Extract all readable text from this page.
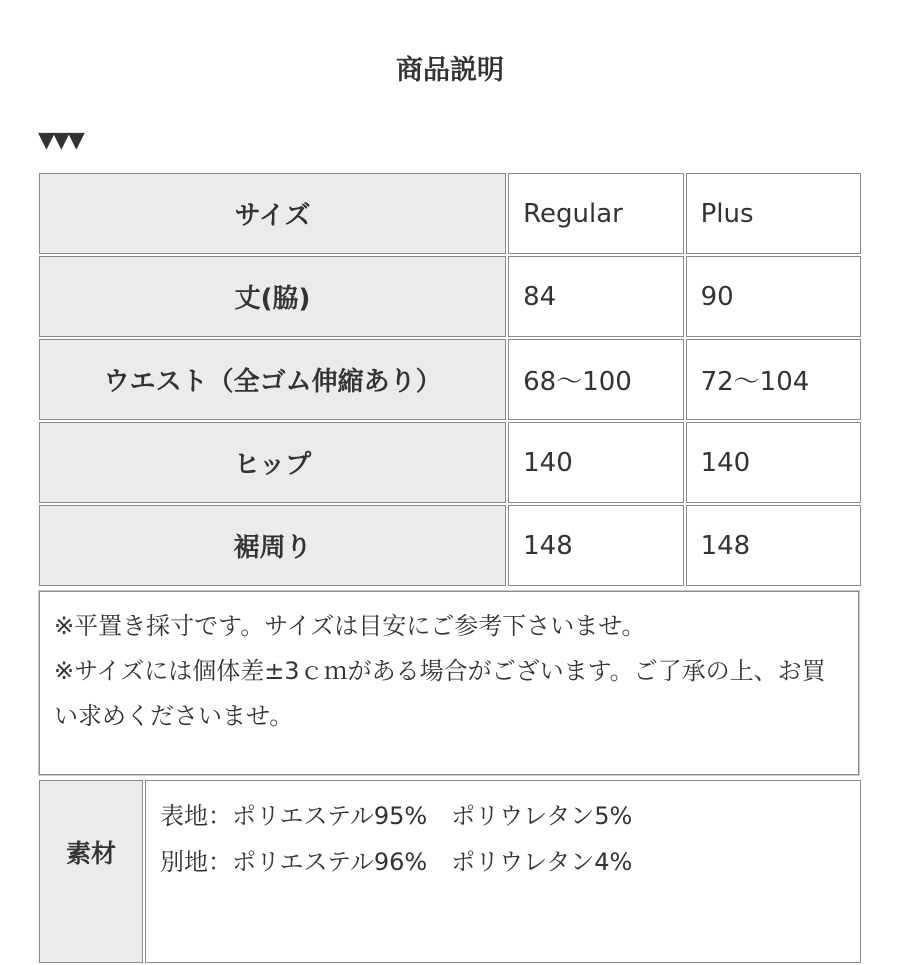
商品説明
▼▼▼
サイズ	Regular	Plus
丈(脇)	84	90
ウエスト（全ゴム伸縮あり）	68〜100	72〜104
ヒップ	140	140
裾周り	148	148
※平置き採寸です。サイズは目安にご参考下さいませ。
※サイズには個体差±3ｃｍがある場合がございます。ご了承の上、お買い求めくださいませ。
素材	
表地：ポリエステル95%　ポリウレタン5%
別地：ポリエステル96%　ポリウレタン4%
